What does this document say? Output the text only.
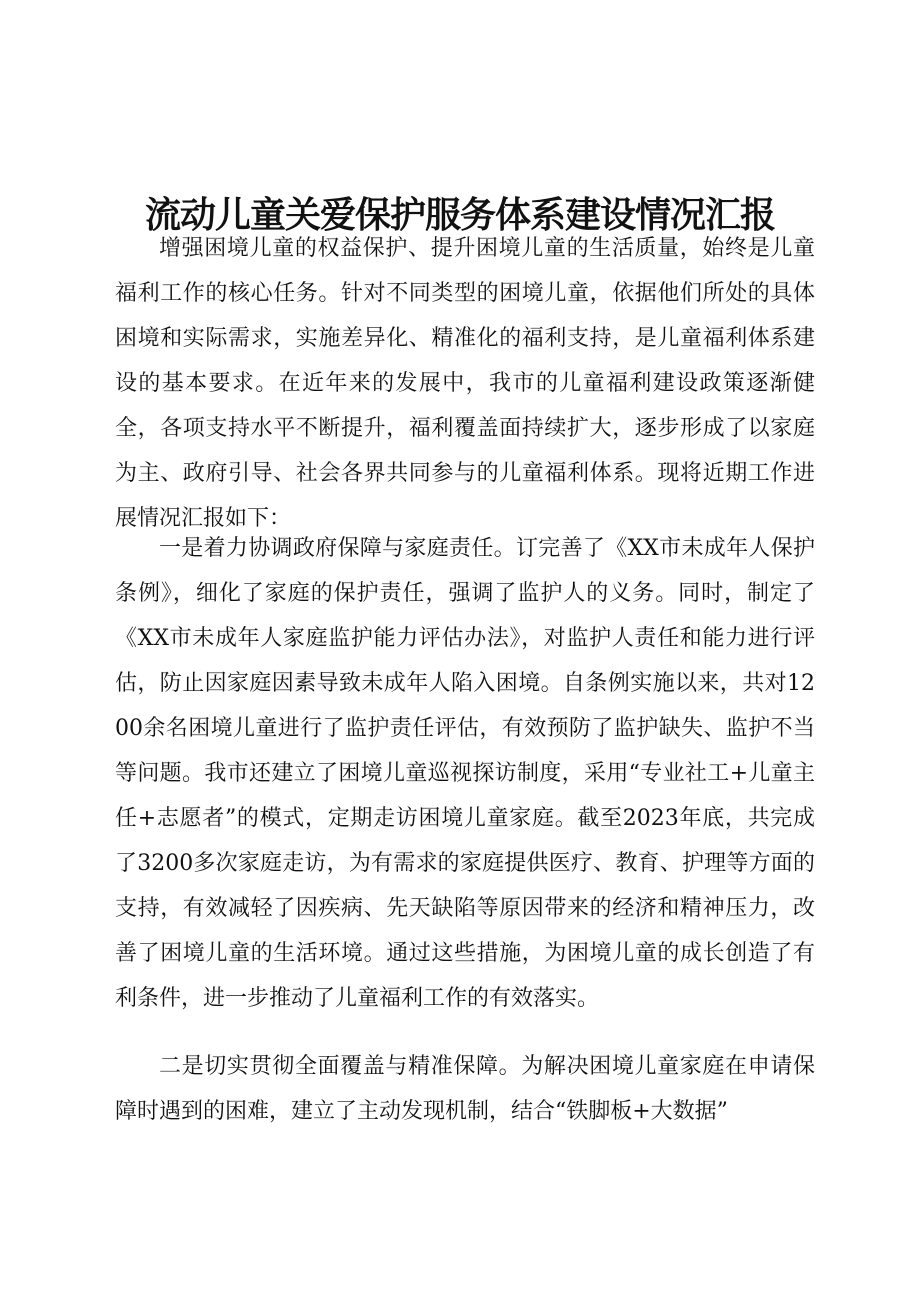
流动儿童关爱保护服务体系建设情况汇报

增强困境儿童的权益保护、提升困境儿童的生活质量，始终是儿童福利工作的核心任务。针对不同类型的困境儿童，依据他们所处的具体困境和实际需求，实施差异化、精准化的福利支持，是儿童福利体系建设的基本要求。在近年来的发展中，我市的儿童福利建设政策逐渐健全，各项支持水平不断提升，福利覆盖面持续扩大，逐步形成了以家庭为主、政府引导、社会各界共同参与的儿童福利体系。现将近期工作进展情况汇报如下：

一是着力协调政府保障与家庭责任。订完善了《XX市未成年人保护条例》，细化了家庭的保护责任，强调了监护人的义务。同时，制定了《XX市未成年人家庭监护能力评估办法》，对监护人责任和能力进行评估，防止因家庭因素导致未成年人陷入困境。自条例实施以来，共对1200余名困境儿童进行了监护责任评估，有效预防了监护缺失、监护不当等问题。我市还建立了困境儿童巡视探访制度，采用“专业社工+儿童主任+志愿者”的模式，定期走访困境儿童家庭。截至2023年底，共完成了3200多次家庭走访，为有需求的家庭提供医疗、教育、护理等方面的支持，有效减轻了因疾病、先天缺陷等原因带来的经济和精神压力，改善了困境儿童的生活环境。通过这些措施，为困境儿童的成长创造了有利条件，进一步推动了儿童福利工作的有效落实。

二是切实贯彻全面覆盖与精准保障。为解决困境儿童家庭在申请保障时遇到的困难，建立了主动发现机制，结合“铁脚板+大数据”
